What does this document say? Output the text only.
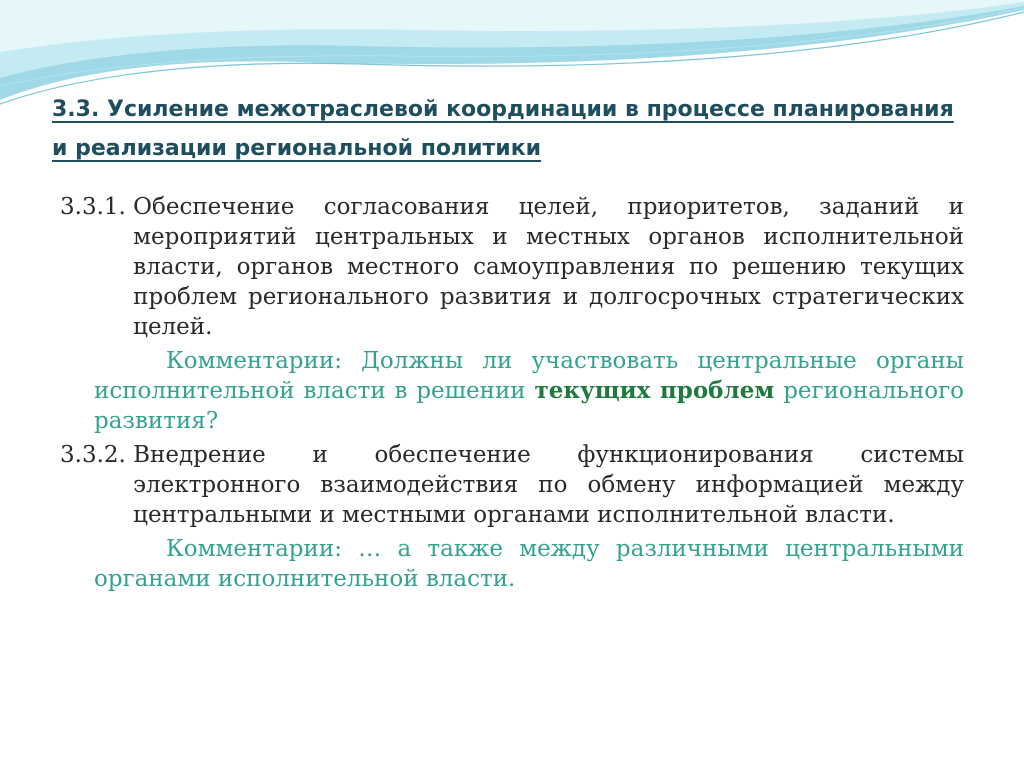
3.3. Усиление межотраслевой координации в процессе планирования и реализации региональной политики
3.3.1. Обеспечение согласования целей, приоритетов, заданий и мероприятий центральных и местных органов исполнительной власти, органов местного самоуправления по решению текущих проблем регионального развития и долгосрочных стратегических целей.
Комментарии: Должны ли участвовать центральные органы исполнительной власти в решении текущих проблем регионального развития?
3.3.2. Внедрение и обеспечение функционирования системы электронного взаимодействия по обмену информацией между центральными и местными органами исполнительной власти.
Комментарии: … а также между различными центральными органами исполнительной власти.
